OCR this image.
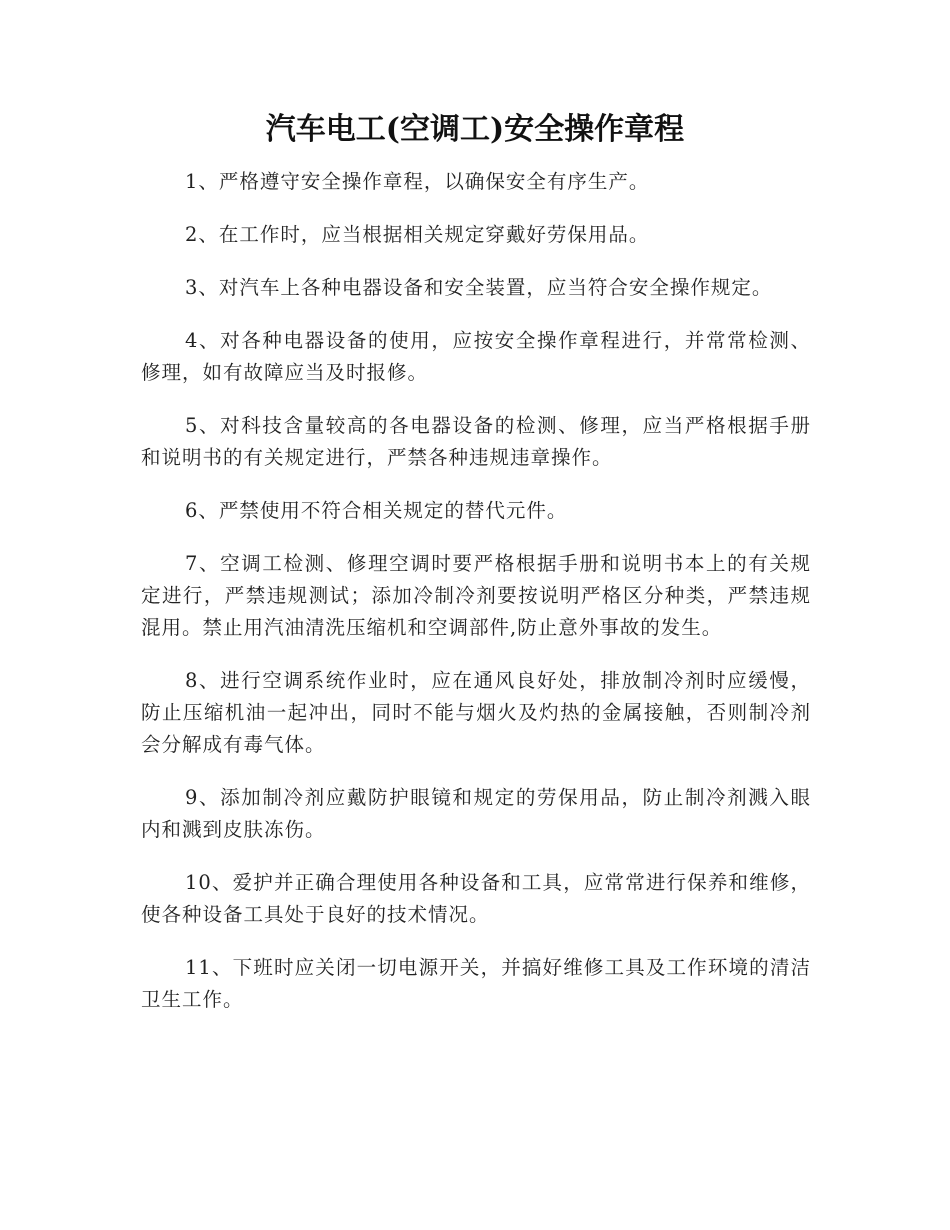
汽车电工(空调工)安全操作章程

1、严格遵守安全操作章程，以确保安全有序生产。

2、在工作时，应当根据相关规定穿戴好劳保用品。

3、对汽车上各种电器设备和安全装置，应当符合安全操作规定。

4、对各种电器设备的使用，应按安全操作章程进行，并常常检测、修理，如有故障应当及时报修。

5、对科技含量较高的各电器设备的检测、修理，应当严格根据手册和说明书的有关规定进行，严禁各种违规违章操作。

6、严禁使用不符合相关规定的替代元件。

7、空调工检测、修理空调时要严格根据手册和说明书本上的有关规定进行，严禁违规测试；添加冷制冷剂要按说明严格区分种类，严禁违规混用。禁止用汽油清洗压缩机和空调部件,防止意外事故的发生。

8、进行空调系统作业时，应在通风良好处，排放制冷剂时应缓慢，防止压缩机油一起冲出，同时不能与烟火及灼热的金属接触，否则制冷剂会分解成有毒气体。

9、添加制冷剂应戴防护眼镜和规定的劳保用品，防止制冷剂溅入眼内和溅到皮肤冻伤。

10、爱护并正确合理使用各种设备和工具，应常常进行保养和维修，使各种设备工具处于良好的技术情况。

11、下班时应关闭一切电源开关，并搞好维修工具及工作环境的清洁卫生工作。
